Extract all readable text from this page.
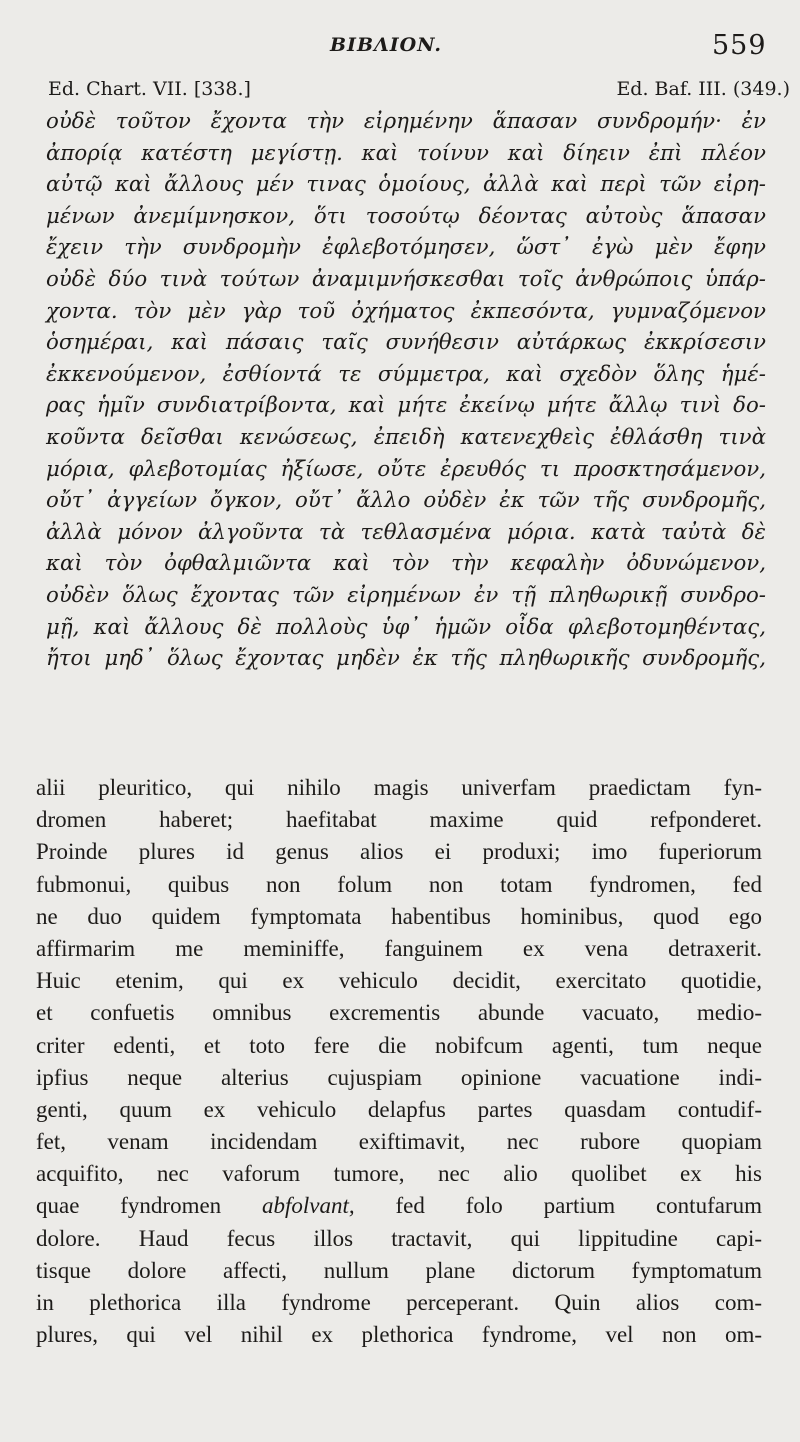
BIBΛION.	559
Ed. Chart. VII. [338.]	Ed. Baf. III. (349.)
οὐδὲ τοῦτον ἔχοντα τὴν εἰρημένην ἅπασαν συνδρομήν· ἐν
ἀπορίᾳ κατέστη μεγίστῃ. καὶ τοίνυν καὶ δίηειν ἐπὶ πλέον
αὐτῷ καὶ ἄλλους μέν τινας ὁμοίους, ἀλλὰ καὶ περὶ τῶν εἰρη-
μένων ἀνεμίμνησκον, ὅτι τοσούτῳ δέοντας αὐτοὺς ἅπασαν
ἔχειν τὴν συνδρομὴν ἐφλεβοτόμησεν, ὥστ᾽ ἐγὼ μὲν ἔφην
οὐδὲ δύο τινὰ τούτων ἀναμιμνήσκεσθαι τοῖς ἀνθρώποις ὑπάρ-
χοντα. τὸν μὲν γὰρ τοῦ ὀχήματος ἐκπεσόντα, γυμναζόμενον
ὁσημέραι, καὶ πάσαις ταῖς συνήθεσιν αὐτάρκως ἐκκρίσεσιν
ἐκκενούμενον, ἐσθίοντά τε σύμμετρα, καὶ σχεδὸν ὅλης ἡμέ-
ρας ἡμῖν συνδιατρίβοντα, καὶ μήτε ἐκείνῳ μήτε ἄλλῳ τινὶ δο-
κοῦντα δεῖσθαι κενώσεως, ἐπειδὴ κατενεχθεὶς ἐθλάσθη τινὰ
μόρια, φλεβοτομίας ἠξίωσε, οὔτε ἐρευθός τι προσκτησάμενον,
οὔτ᾽ ἀγγείων ὄγκον, οὔτ᾽ ἄλλο οὐδὲν ἐκ τῶν τῆς συνδρομῆς,
ἀλλὰ μόνον ἀλγοῦντα τὰ τεθλασμένα μόρια. κατὰ ταὐτὰ δὲ
καὶ τὸν ὀφθαλμιῶντα καὶ τὸν τὴν κεφαλὴν ὀδυνώμενον,
οὐδὲν ὅλως ἔχοντας τῶν εἰρημένων ἐν τῇ πληθωρικῇ συνδρο-
μῇ, καὶ ἄλλους δὲ πολλοὺς ὑφ᾽ ἡμῶν οἶδα φλεβοτομηθέντας,
ἤτοι μηδ᾽ ὅλως ἔχοντας μηδὲν ἐκ τῆς πληθωρικῆς συνδρομῆς,
alii pleuritico, qui nihilo magis univerfam praedictam fyn-
dromen haberet; haefitabat maxime quid refponderet.
Proinde plures id genus alios ei produxi; imo fuperiorum
fubmonui, quibus non folum non totam fyndromen, fed
ne duo quidem fymptomata habentibus hominibus, quod ego
affirmarim me meminiffe, fanguinem ex vena detraxerit.
Huic etenim, qui ex vehiculo decidit, exercitato quotidie,
et confuetis omnibus excrementis abunde vacuato, medio-
criter edenti, et toto fere die nobifcum agenti, tum neque
ipfius neque alterius cujuspiam opinione vacuatione indi-
genti, quum ex vehiculo delapfus partes quasdam contudif-
fet, venam incidendam exiftimavit, nec rubore quopiam
acquifito, nec vaforum tumore, nec alio quolibet ex his
quae fyndromen abfolvant, fed folo partium contufarum
dolore. Haud fecus illos tractavit, qui lippitudine capi-
tisque dolore affecti, nullum plane dictorum fymptomatum
in plethorica illa fyndrome perceperant. Quin alios com-
plures, qui vel nihil ex plethorica fyndrome, vel non om-
